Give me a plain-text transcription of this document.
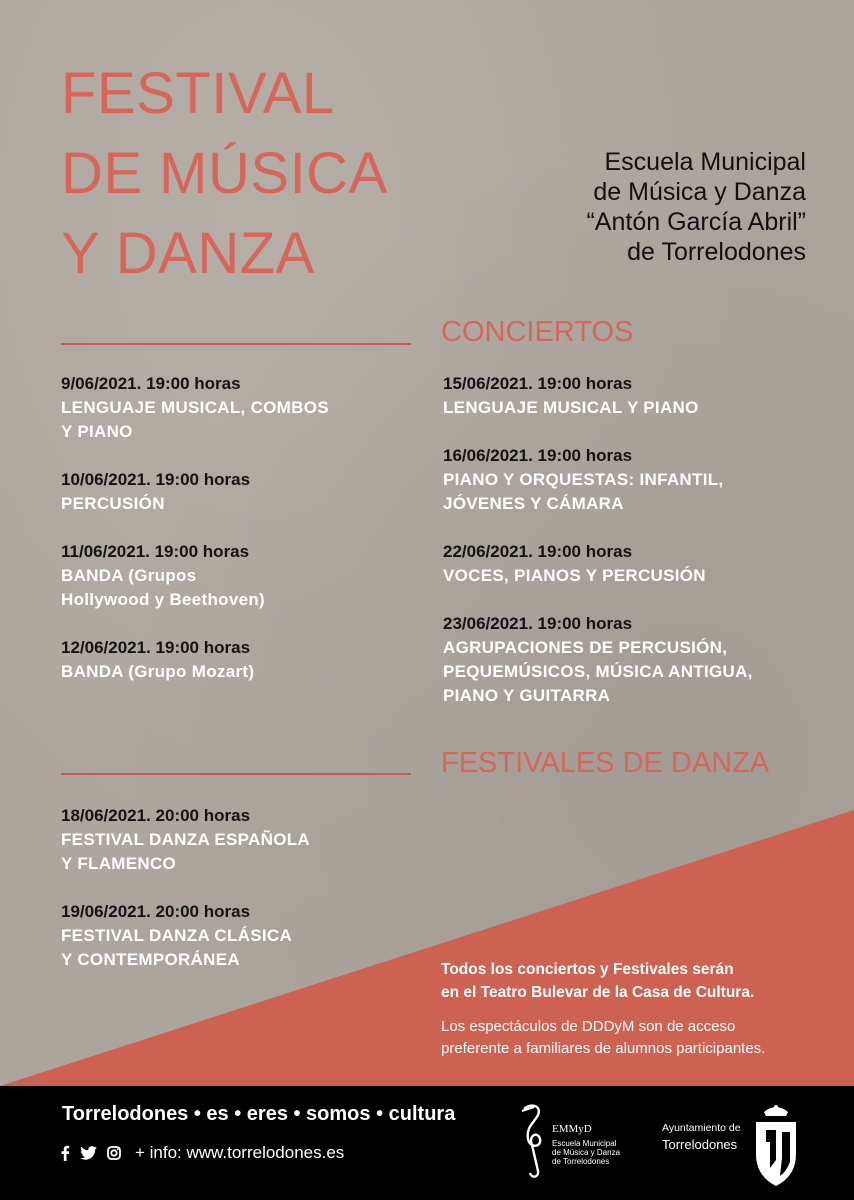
FESTIVAL
DE MÚSICA
Y DANZA
Escuela Municipal
de Música y Danza
“Antón García Abril”
de Torrelodones
CONCIERTOS
9/06/2021. 19:00 horas
LENGUAJE MUSICAL, COMBOS
Y PIANO
10/06/2021. 19:00 horas
PERCUSIÓN
11/06/2021. 19:00 horas
BANDA (Grupos
Hollywood y Beethoven)
12/06/2021. 19:00 horas
BANDA (Grupo Mozart)
15/06/2021. 19:00 horas
LENGUAJE MUSICAL Y PIANO
16/06/2021. 19:00 horas
PIANO Y ORQUESTAS: INFANTIL,
JÓVENES Y CÁMARA
22/06/2021. 19:00 horas
VOCES, PIANOS Y PERCUSIÓN
23/06/2021. 19:00 horas
AGRUPACIONES DE PERCUSIÓN,
PEQUEMÚSICOS, MÚSICA ANTIGUA,
PIANO Y GUITARRA
FESTIVALES DE DANZA
18/06/2021. 20:00 horas
FESTIVAL DANZA ESPAÑOLA
Y FLAMENCO
19/06/2021. 20:00 horas
FESTIVAL DANZA CLÁSICA
Y CONTEMPORÁNEA
Todos los conciertos y Festivales serán
en el Teatro Bulevar de la Casa de Cultura.
Los espectáculos de DDDyM son de acceso
preferente a familiares de alumnos participantes.
Torrelodones • es • eres • somos • cultura
+ info: www.torrelodones.es
EMMyD
Escuela Municipal
de Música y Danza
de Torrelodones
Ayuntamiento de
Torrelodones
